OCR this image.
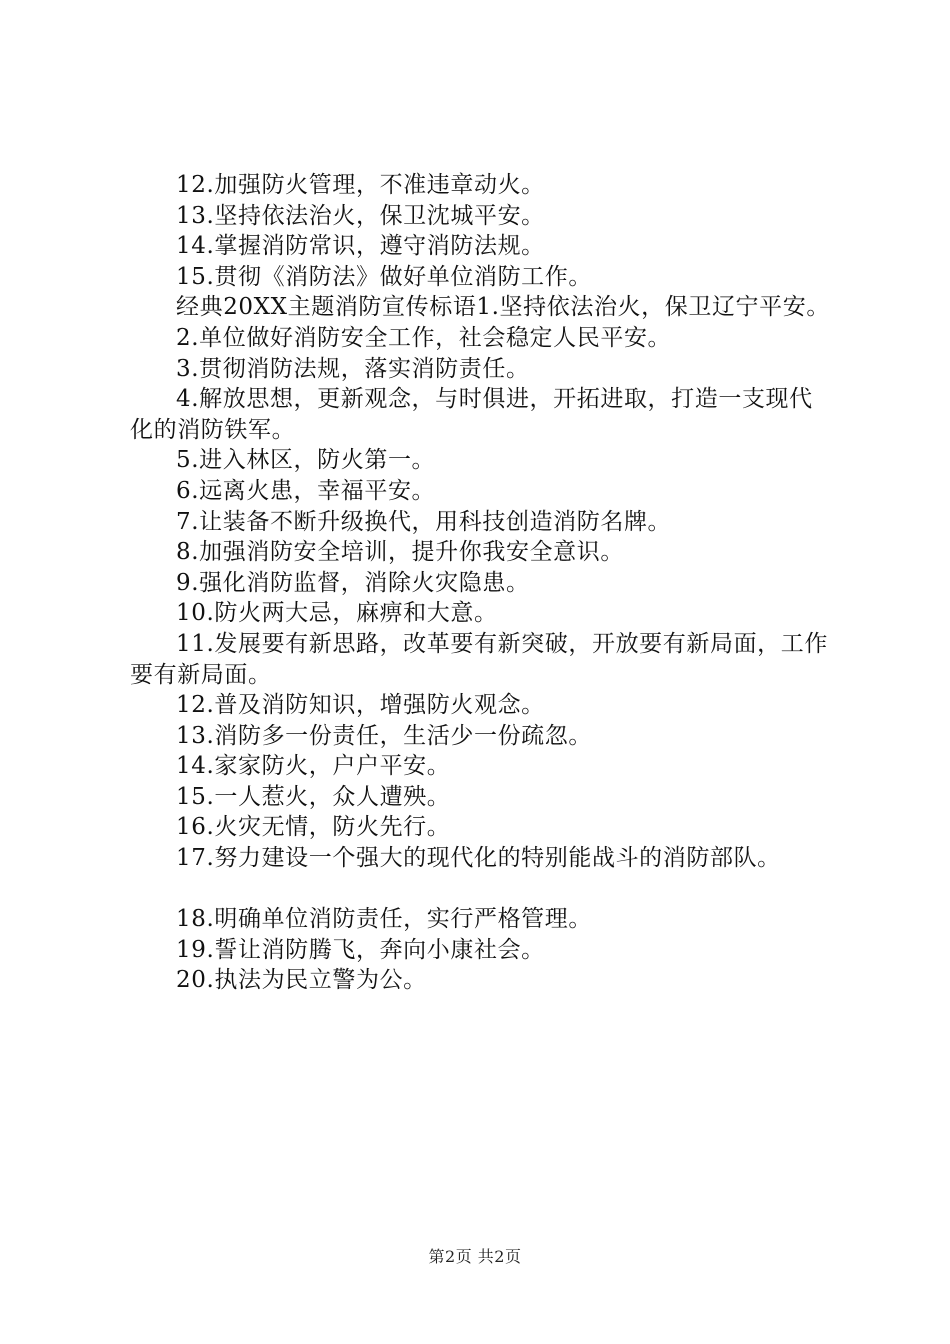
12.加强防火管理，不准违章动火。

13.坚持依法治火，保卫沈城平安。

14.掌握消防常识，遵守消防法规。

15.贯彻《消防法》做好单位消防工作。

经典20XX主题消防宣传标语1.坚持依法治火，保卫辽宁平安。

2.单位做好消防安全工作，社会稳定人民平安。

3.贯彻消防法规，落实消防责任。

4.解放思想，更新观念，与时俱进，开拓进取，打造一支现代化的消防铁军。

5.进入林区，防火第一。

6.远离火患，幸福平安。

7.让装备不断升级换代，用科技创造消防名牌。

8.加强消防安全培训，提升你我安全意识。

9.强化消防监督，消除火灾隐患。

10.防火两大忌，麻痹和大意。

11.发展要有新思路，改革要有新突破，开放要有新局面，工作要有新局面。

12.普及消防知识，增强防火观念。

13.消防多一份责任，生活少一份疏忽。

14.家家防火，户户平安。

15.一人惹火，众人遭殃。

16.火灾无情，防火先行。

17.努力建设一个强大的现代化的特别能战斗的消防部队。

18.明确单位消防责任，实行严格管理。

19.誓让消防腾飞，奔向小康社会。

20.执法为民立警为公。

第2页 共2页
